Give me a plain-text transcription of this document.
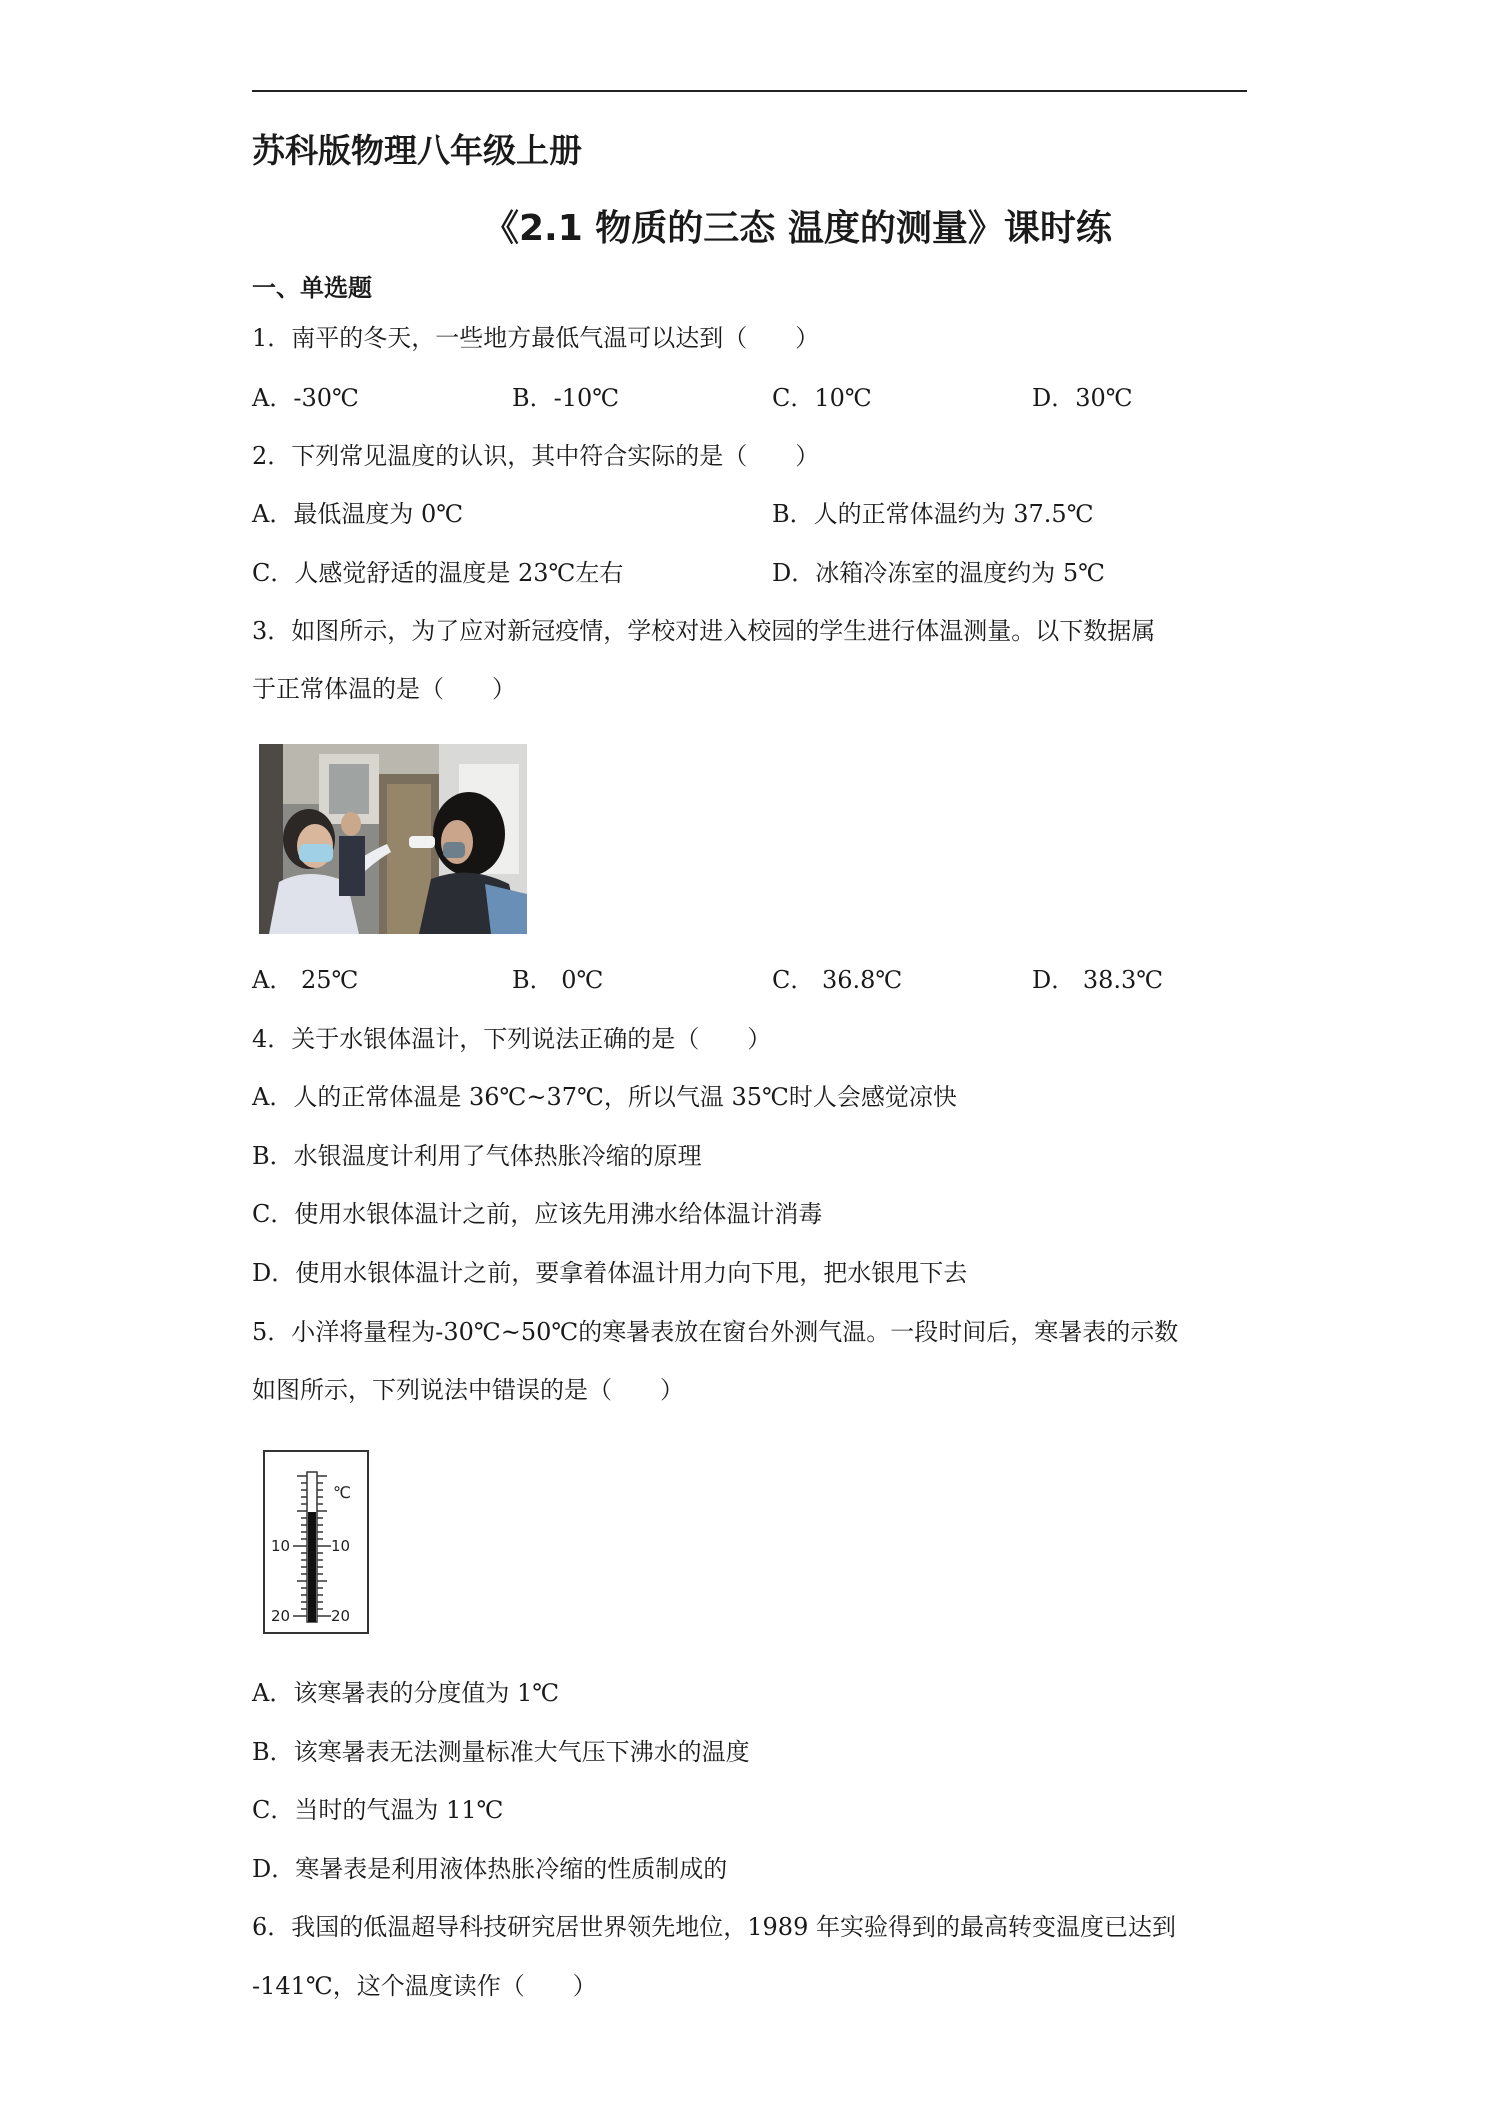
苏科版物理八年级上册
《2.1 物质的三态 温度的测量》课时练
一、单选题
1．南平的冬天，一些地方最低气温可以达到（　　）
A．-30℃	B．-10℃	C．10℃	D．30℃
2．下列常见温度的认识，其中符合实际的是（　　）
A．最低温度为 0℃	B．人的正常体温约为 37.5℃
C．人感觉舒适的温度是 23℃左右	D．冰箱冷冻室的温度约为 5℃
3．如图所示，为了应对新冠疫情，学校对进入校园的学生进行体温测量。以下数据属
于正常体温的是（　　）
A． 25℃	B． 0℃	C． 36.8℃	D． 38.3℃
4．关于水银体温计，下列说法正确的是（　　）
A．人的正常体温是 36℃~37℃，所以气温 35℃时人会感觉凉快
B．水银温度计利用了气体热胀冷缩的原理
C．使用水银体温计之前，应该先用沸水给体温计消毒
D．使用水银体温计之前，要拿着体温计用力向下甩，把水银甩下去
5．小洋将量程为-30℃~50℃的寒暑表放在窗台外测气温。一段时间后，寒暑表的示数
如图所示，下列说法中错误的是（　　）
℃
10
20
10
20
A．该寒暑表的分度值为 1℃
B．该寒暑表无法测量标准大气压下沸水的温度
C．当时的气温为 11℃
D．寒暑表是利用液体热胀冷缩的性质制成的
6．我国的低温超导科技研究居世界领先地位，1989 年实验得到的最高转变温度已达到
-141℃，这个温度读作（　　）
